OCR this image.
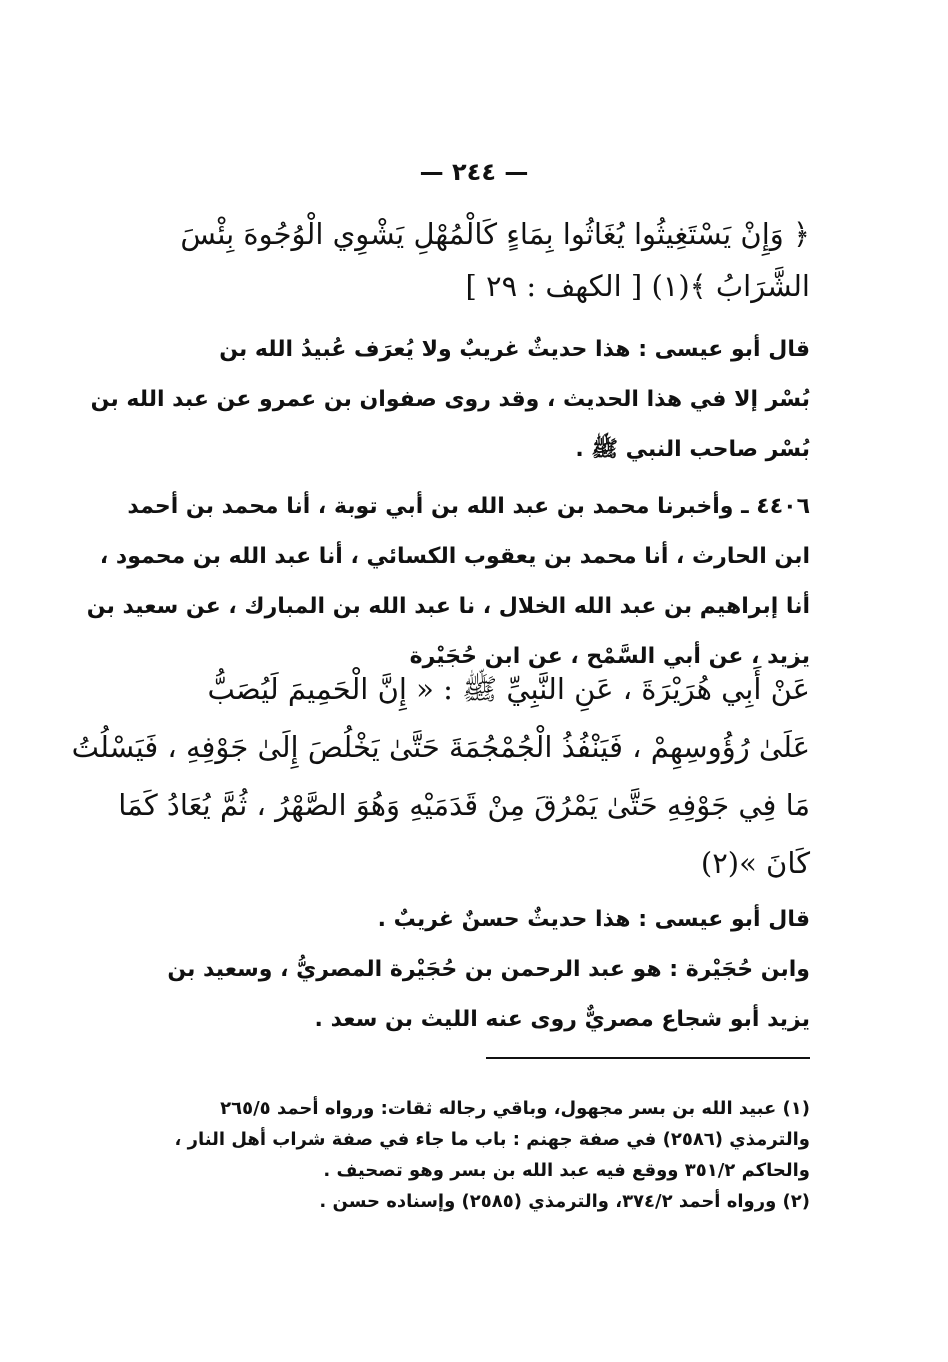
— ٢٤٤ —
﴿ وَإِنْ يَسْتَغِيثُوا يُغَاثُوا بِمَاءٍ كَالْمُهْلِ يَشْوِي الْوُجُوهَ بِئْسَ
الشَّرَابُ ﴾(١) [ الكهف : ٢٩ ]
قال أبو عيسى : هذا حديثٌ غريبٌ ولا يُعرَف عُبيدُ الله بن
بُسْر إلا في هذا الحديث ، وقد روى صفوان بن عمرو عن عبد الله بن
بُسْر صاحب النبي ﷺ .
٤٤٠٦ ـ وأخبرنا محمد بن عبد الله بن أبي توبة ، أنا محمد بن أحمد
ابن الحارث ، أنا محمد بن يعقوب الكسائي ، أنا عبد الله بن محمود ،
أنا إبراهيم بن عبد الله الخلال ، نا عبد الله بن المبارك ، عن سعيد بن
يزيد ، عن أبي السَّمْح ، عن ابن حُجَيْرة
عَنْ أَبِي هُرَيْرَةَ ، عَنِ النَّبِيِّ ﷺ : « إِنَّ الْحَمِيمَ لَيُصَبُّ
عَلَىٰ رُؤُوسِهِمْ ، فَيَنْفُذُ الْجُمْجُمَةَ حَتَّىٰ يَخْلُصَ إِلَىٰ جَوْفِهِ ، فَيَسْلُتُ
مَا فِي جَوْفِهِ حَتَّىٰ يَمْرُقَ مِنْ قَدَمَيْهِ وَهُوَ الصَّهْرُ ، ثُمَّ يُعَادُ كَمَا
كَانَ »(٢)
قال أبو عيسى : هذا حديثٌ حسنٌ غريبٌ .
وابن حُجَيْرة : هو عبد الرحمن بن حُجَيْرة المصريُّ ، وسعيد بن
يزيد أبو شجاع مصريٌّ روى عنه الليث بن سعد .
(١) عبيد الله بن بسر مجهول، وباقي رجاله ثقات: ورواه أحمد ٢٦٥/٥
والترمذي (٢٥٨٦) في صفة جهنم : باب ما جاء في صفة شراب أهل النار ،
والحاكم ٣٥١/٢ ووقع فيه عبد الله بن بسر وهو تصحيف .
(٢) ورواه أحمد ٣٧٤/٢، والترمذي (٢٥٨٥) وإسناده حسن .
